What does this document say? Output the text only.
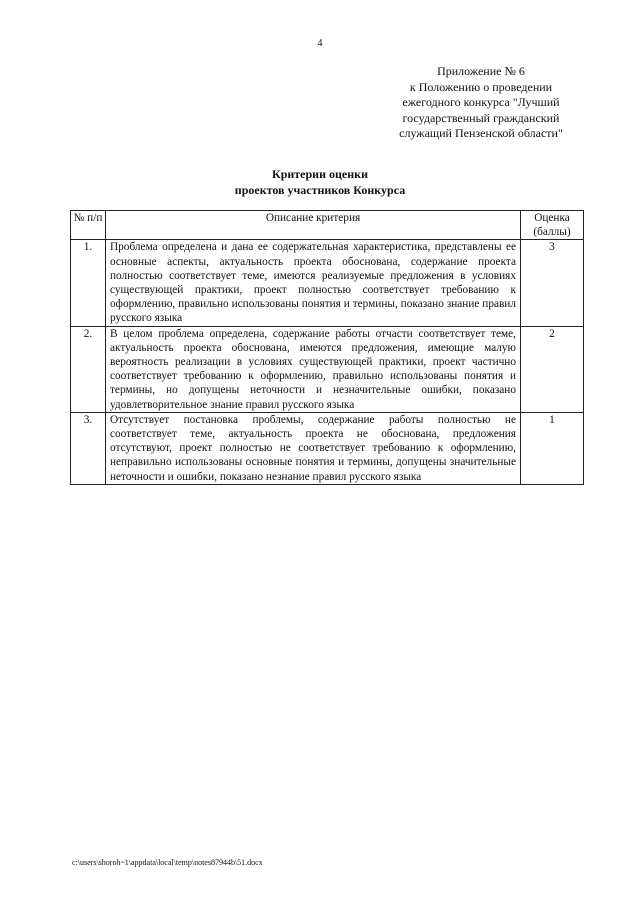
4
Приложение № 6
к Положению о проведении
ежегодного конкурса "Лучший
государственный гражданский
служащий Пензенской области"
Критерии оценки
проектов участников Конкурса
№ п/п	Описание критерия	Оценка (баллы)
1.	Проблема определена и дана ее содержательная характеристика, представлены ее основные аспекты, актуальность проекта обоснована, содержание проекта полностью соответствует теме, имеются реализуемые предложения в условиях существующей практики, проект полностью соответствует требованию к оформлению, правильно использованы понятия и термины, показано знание правил русского языка	3
2.	В целом проблема определена, содержание работы отчасти соответствует теме, актуальность проекта обоснована, имеются предложения, имеющие малую вероятность реализации в условиях существующей практики, проект частично соответствует требованию к оформлению, правильно использованы понятия и термины, но допущены неточности и незначительные ошибки, показано удовлетворительное знание правил русского языка	2
3.	Отсутствует постановка проблемы, содержание работы полностью не соответствует теме, актуальность проекта не обоснована, предложения отсутствуют, проект полностью не соответствует требованию к оформлению, неправильно использованы основные понятия и термины, допущены значительные неточности и ошибки, показано незнание правил русского языка	1
c:\users\shoroh~1\appdata\local\temp\notes87944b\51.docx
